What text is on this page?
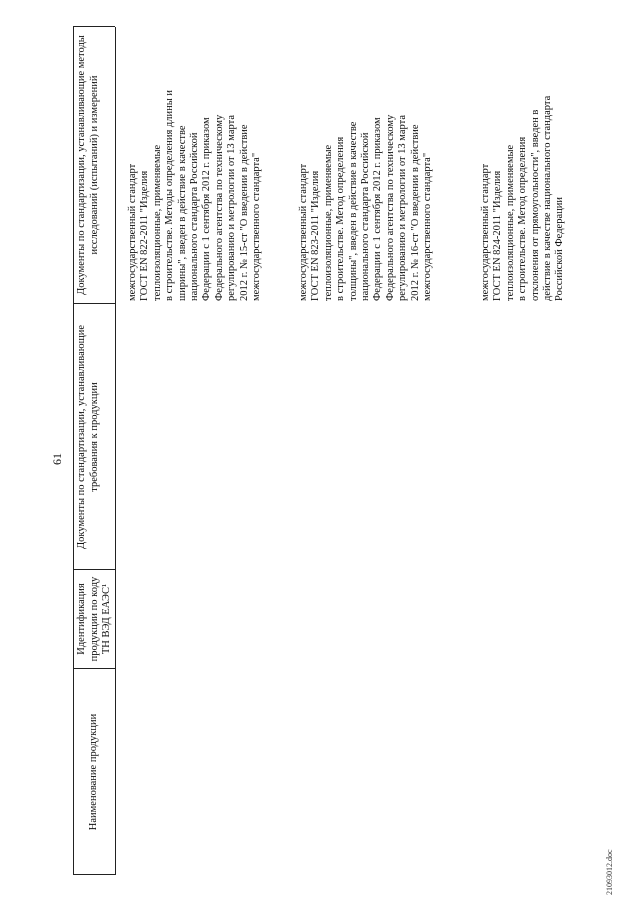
61
Наименование продукции
Идентификация продукции по коду ТН ВЭД ЕАЭС¹
Документы по стандартизации, устанавливающие требования к продукции
Документы по стандартизации, устанавливающие методы исследований (испытаний) и измерений	межгосударственный стандарт
ГОСТ EN 822-2011 "Изделия
теплоизоляционные, применяемые
в строительстве. Методы определения длины и
ширины", введен в действие в качестве
национального стандарта Российской
Федерации с 1 сентября 2012 г. приказом
Федерального агентства по техническому
регулированию и метрологии от 13 марта
2012 г. № 15-ст "О введении в действие
межгосударственного стандарта"
межгосударственный стандарт
ГОСТ EN 823-2011 "Изделия
теплоизоляционные, применяемые
в строительстве. Метод определения
толщины", введен в действие в качестве
национального стандарта Российской
Федерации с 1 сентября 2012 г. приказом
Федерального агентства по техническому
регулированию и метрологии от 13 марта
2012 г. № 16-ст "О введении в действие
межгосударственного стандарта"
межгосударственный стандарт
ГОСТ EN 824-2011 "Изделия
теплоизоляционные, применяемые
в строительстве. Метод определения
отклонения от прямоугольности", введен в
действие в качестве национального стандарта
Российской Федерации
21093012.doc
